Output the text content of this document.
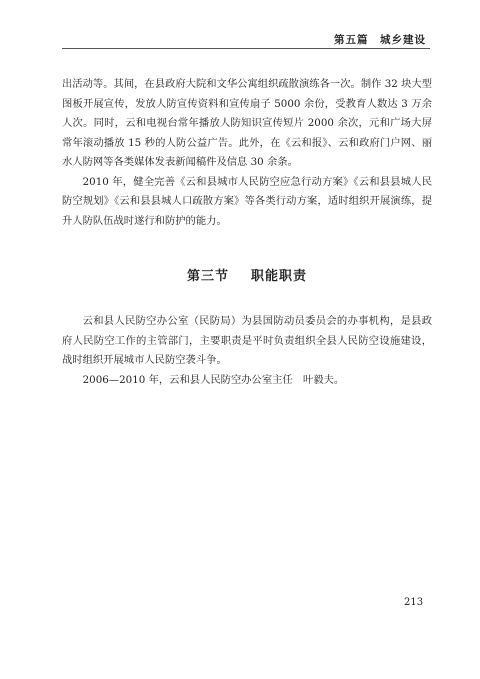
第五篇　城乡建设

出活动等。其间，在县政府大院和文华公寓组织疏散演练各一次。制作 32 块大型图板开展宣传，发放人防宣传资料和宣传扇子 5000 余份，受教育人数达 3 万余人次。同时，云和电视台常年播放人防知识宣传短片 2000 余次，元和广场大屏常年滚动播放 15 秒的人防公益广告。此外，在《云和报》、云和政府门户网、丽水人防网等各类媒体发表新闻稿件及信息 30 余条。

2010 年，健全完善《云和县城市人民防空应急行动方案》《云和县县城人民防空规划》《云和县县城人口疏散方案》等各类行动方案，适时组织开展演练，提升人防队伍战时遂行和防护的能力。

第三节 职能职责

云和县人民防空办公室（民防局）为县国防动员委员会的办事机构，是县政府人民防空工作的主管部门，主要职责是平时负责组织全县人民防空设施建设，战时组织开展城市人民防空袭斗争。

2006—2010 年，云和县人民防空办公室主任　叶毅夫。

213
